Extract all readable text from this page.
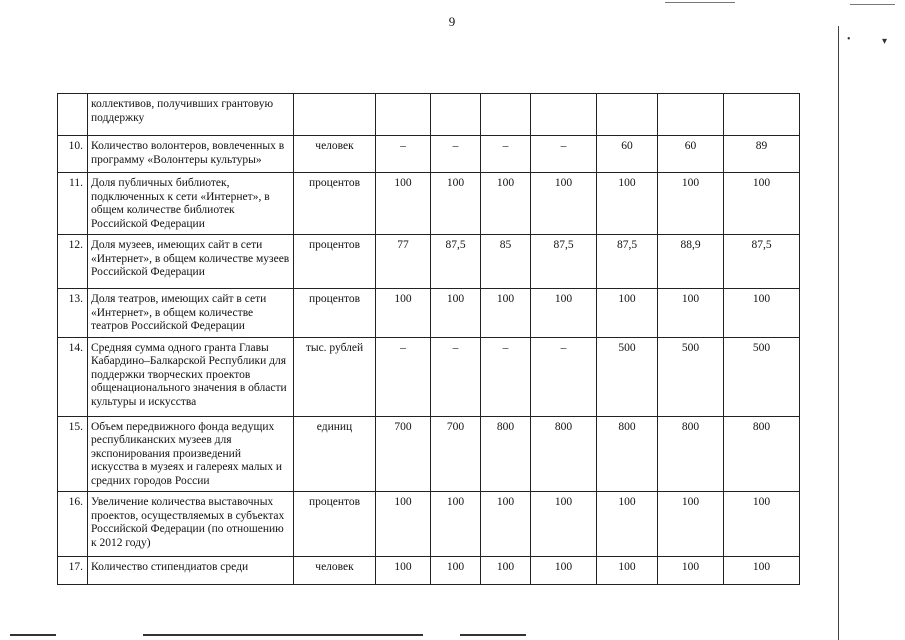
9
	коллективов, получивших грантовую поддержку								
10.	Количество волонтеров, вовлеченных в программу «Волонтеры культуры»	человек	–	–	–	–	60	60	89
11.	Доля публичных библиотек, подключенных к сети «Интернет», в общем количестве библиотек Российской Федерации	процентов	100	100	100	100	100	100	100
12.	Доля музеев, имеющих сайт в сети «Интернет», в общем количестве музеев Российской Федерации	процентов	77	87,5	85	87,5	87,5	88,9	87,5
13.	Доля театров, имеющих сайт в сети «Интернет», в общем количестве театров Российской Федерации	процентов	100	100	100	100	100	100	100
14.	Средняя сумма одного гранта Главы Кабардино–Балкарской Республики для поддержки творческих проектов общенационального значения в области культуры и искусства	тыс. рублей	–	–	–	–	500	500	500
15.	Объем передвижного фонда ведущих республиканских музеев для экспонирования произведений искусства в музеях и галереях малых и средних городов России	единиц	700	700	800	800	800	800	800
16.	Увеличение количества выставочных проектов, осуществляемых в субъектах Российской Федерации (по отношению к 2012 году)	процентов	100	100	100	100	100	100	100
17.	Количество стипендиатов среди	человек	100	100	100	100	100	100	100
•	▾
